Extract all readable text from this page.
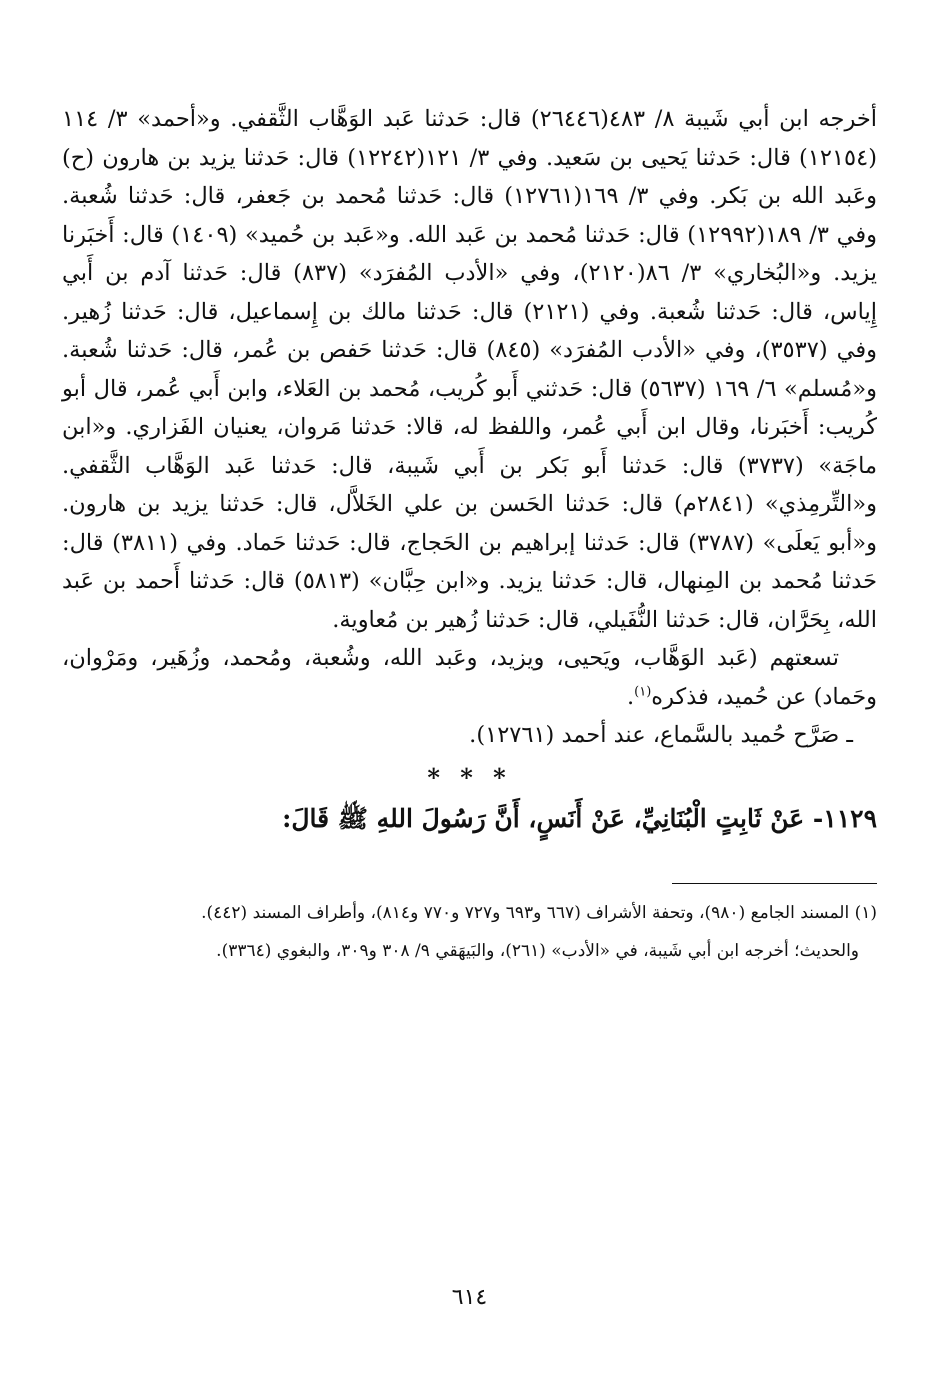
أخرجه ابن أبي شَيبة ٨/ ٤٨٣(٢٦٤٤٦) قال: حَدثنا عَبد الوَهَّاب الثَّقفي. و«أحمد» ٣/ ١١٤ (١٢١٥٤) قال: حَدثنا يَحيى بن سَعيد. وفي ٣/ ١٢١(١٢٢٤٢) قال: حَدثنا يزيد بن هارون (ح) وعَبد الله بن بَكر. وفي ٣/ ١٦٩(١٢٧٦١) قال: حَدثنا مُحمد بن جَعفر، قال: حَدثنا شُعبة. وفي ٣/ ١٨٩(١٢٩٩٢) قال: حَدثنا مُحمد بن عَبد الله. و«عَبد بن حُميد» (١٤٠٩) قال: أَخبَرنا يزيد. و«البُخاري» ٣/ ٨٦(٢١٢٠)، وفي «الأدب المُفرَد» (٨٣٧) قال: حَدثنا آدم بن أَبي إِياس، قال: حَدثنا شُعبة. وفي (٢١٢١) قال: حَدثنا مالك بن إِسماعيل، قال: حَدثنا زُهير. وفي (٣٥٣٧)، وفي «الأدب المُفرَد» (٨٤٥) قال: حَدثنا حَفص بن عُمر، قال: حَدثنا شُعبة. و«مُسلم» ٦/ ١٦٩ (٥٦٣٧) قال: حَدثني أَبو كُريب، مُحمد بن العَلاء، وابن أَبي عُمر، قال أبو كُريب: أَخبَرنا، وقال ابن أَبي عُمر، واللفظ له، قالا: حَدثنا مَروان، يعنيان الفَزاري. و«ابن ماجَة» (٣٧٣٧) قال: حَدثنا أَبو بَكر بن أَبي شَيبة، قال: حَدثنا عَبد الوَهَّاب الثَّقفي. و«التِّرمِذي» (٢٨٤١م) قال: حَدثنا الحَسن بن علي الخَلاَّل، قال: حَدثنا يزيد بن هارون. و«أبو يَعلَى» (٣٧٨٧) قال: حَدثنا إبراهيم بن الحَجاج، قال: حَدثنا حَماد. وفي (٣٨١١) قال: حَدثنا مُحمد بن المِنهال، قال: حَدثنا يزيد. و«ابن حِبَّان» (٥٨١٣) قال: حَدثنا أَحمد بن عَبد الله، بِحَرَّان، قال: حَدثنا النُّفَيلي، قال: حَدثنا زُهير بن مُعاوية.

تسعتهم (عَبد الوَهَّاب، ويَحيى، ويزيد، وعَبد الله، وشُعبة، ومُحمد، وزُهَير، ومَرْوان، وحَماد) عن حُميد، فذكره$^{(١)}$.

ـ صَرَّح حُميد بالسَّماع، عند أحمد (١٢٧٦١).

* * *
١١٢٩- عَنْ ثَابِتٍ الْبُنَانِيِّ، عَنْ أَنَسٍ، أَنَّ رَسُولَ اللهِ ﷺ قَالَ:

(١) المسند الجامع (٩٨٠)، وتحفة الأشراف (٦٦٧ و٦٩٣ و٧٢٧ و٧٧٠ و٨١٤)، وأطراف المسند (٤٤٢).

والحديث؛ أخرجه ابن أبي شَيبة، في «الأدب» (٢٦١)، والبَيهَقي ٩/ ٣٠٨ و٣٠٩، والبغوي (٣٣٦٤).

٦١٤
